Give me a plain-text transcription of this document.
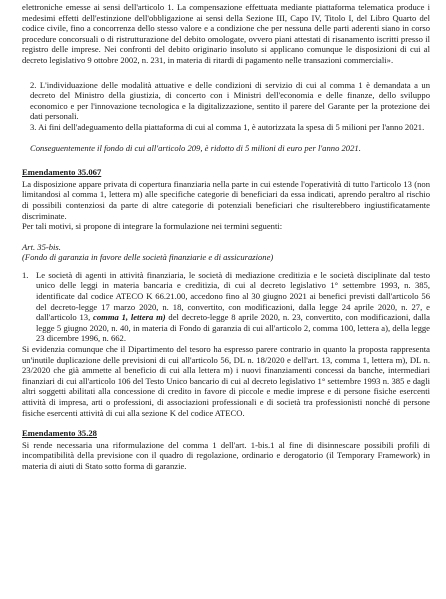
elettroniche emesse ai sensi dell'articolo 1. La compensazione effettuata mediante piattaforma telematica produce i medesimi effetti dell'estinzione dell'obbligazione ai sensi della Sezione III, Capo IV, Titolo I, del Libro Quarto del codice civile, fino a concorrenza dello stesso valore e a condizione che per nessuna delle parti aderenti siano in corso procedure concorsuali o di ristrutturazione del debito omologate, ovvero piani attestati di risanamento iscritti presso il registro delle imprese. Nei confronti del debito originario insoluto si applicano comunque le disposizioni di cui al decreto legislativo 9 ottobre 2002, n. 231, in materia di ritardi di pagamento nelle transazioni commerciali».

2. L'individuazione delle modalità attuative e delle condizioni di servizio di cui al comma 1 è demandata a un decreto del Ministro della giustizia, di concerto con i Ministri dell'economia e delle finanze, dello sviluppo economico e per l'innovazione tecnologica e la digitalizzazione, sentito il parere del Garante per la protezione dei dati personali.

3. Ai fini dell'adeguamento della piattaforma di cui al comma 1, è autorizzata la spesa di 5 milioni per l'anno 2021.

Conseguentemente il fondo di cui all'articolo 209, è ridotto di 5 milioni di euro per l'anno 2021.

Emendamento 35.067

La disposizione appare privata di copertura finanziaria nella parte in cui estende l'operatività di tutto l'articolo 13 (non limitandosi al comma 1, lettera m) alle specifiche categorie di beneficiari da essa indicati, aprendo peraltro al rischio di possibili contenziosi da parte di altre categorie di potenziali beneficiari che risulterebbero ingiustificatamente discriminate.

Per tali motivi, si propone di integrare la formulazione nei termini seguenti:

Art. 35-bis.

(Fondo di garanzia in favore delle società finanziarie e di assicurazione)

1. Le società di agenti in attività finanziaria, le società di mediazione creditizia e le società disciplinate dal testo unico delle leggi in materia bancaria e creditizia, di cui al decreto legislativo 1° settembre 1993, n. 385, identificate dal codice ATECO K 66.21.00, accedono fino al 30 giugno 2021 ai benefici previsti dall'articolo 56 del decreto-legge 17 marzo 2020, n. 18, convertito, con modificazioni, dalla legge 24 aprile 2020, n. 27, e dall'articolo 13, comma 1, lettera m) del decreto-legge 8 aprile 2020, n. 23, convertito, con modificazioni, dalla legge 5 giugno 2020, n. 40, in materia di Fondo di garanzia di cui all'articolo 2, comma 100, lettera a), della legge 23 dicembre 1996, n. 662.

Si evidenzia comunque che il Dipartimento del tesoro ha espresso parere contrario in quanto la proposta rappresenta un'inutile duplicazione delle previsioni di cui all'articolo 56, DL n. 18/2020 e dell'art. 13, comma 1, lettera m), DL n. 23/2020 che già ammette al beneficio di cui alla lettera m) i nuovi finanziamenti concessi da banche, intermediari finanziari di cui all'articolo 106 del Testo Unico bancario di cui al decreto legislativo 1° settembre 1993 n. 385 e dagli altri soggetti abilitati alla concessione di credito in favore di piccole e medie imprese e di persone fisiche esercenti attività di impresa, arti o professioni, di associazioni professionali e di società tra professionisti nonché di persone fisiche esercenti attività di cui alla sezione K del codice ATECO.

Emendamento 35.28

Si rende necessaria una riformulazione del comma 1 dell'art. 1-bis.1 al fine di disinnescare possibili profili di incompatibilità della previsione con il quadro di regolazione, ordinario e derogatorio (il Temporary Framework) in materia di aiuti di Stato sotto forma di garanzie.
